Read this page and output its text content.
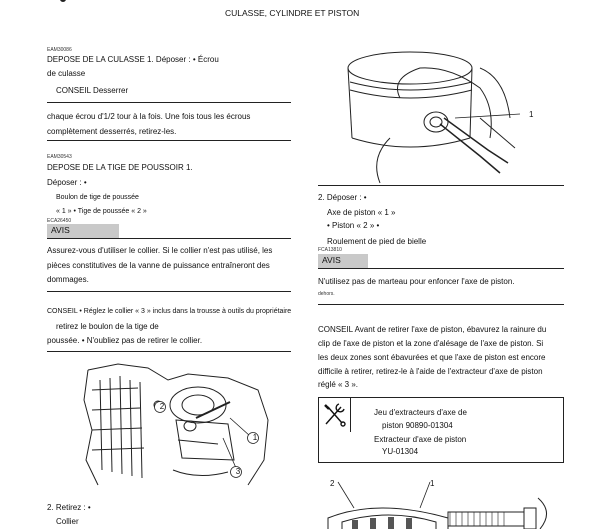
CULASSE, CYLINDRE ET PISTON
EAM30086
DEPOSE DE LA CULASSE 1. Déposer : • Écrou
de culasse
CONSEIL Desserrer
chaque écrou d'1/2 tour à la fois. Une fois tous les écrous
complètement desserrés, retirez-les.
EAM30543
DEPOSE DE LA TIGE DE POUSSOIR 1.
Déposer : •
Boulon de tige de poussée
« 1 » • Tige de poussée « 2 »
ECA26450
AVIS
Assurez-vous d'utiliser le collier. Si le collier n'est pas utilisé, les
pièces constitutives de la vanne de puissance entraîneront des
dommages.
CONSEIL • Réglez le collier « 3 » inclus dans la trousse à outils du propriétaire
retirez le boulon de la tige de
poussée. • N'oubliez pas de retirer le collier.
2
1
3
2. Retirez : •
Collier
1
2. Déposer : •
Axe de piston « 1 »
• Piston « 2 » •
Roulement de pied de bielle
FCA13810
AVIS
N'utilisez pas de marteau pour enfoncer l'axe de piston.
dehors.
CONSEIL Avant de retirer l'axe de piston, ébavurez la rainure du
clip de l'axe de piston et la zone d'alésage de l'axe de piston. Si
les deux zones sont ébavurées et que l'axe de piston est encore
difficile à retirer, retirez-le à l'aide de l'extracteur d'axe de piston
réglé « 3 ».
Jeu d'extracteurs d'axe de
piston 90890-01304
Extracteur d'axe de piston
YU-01304
2	1
